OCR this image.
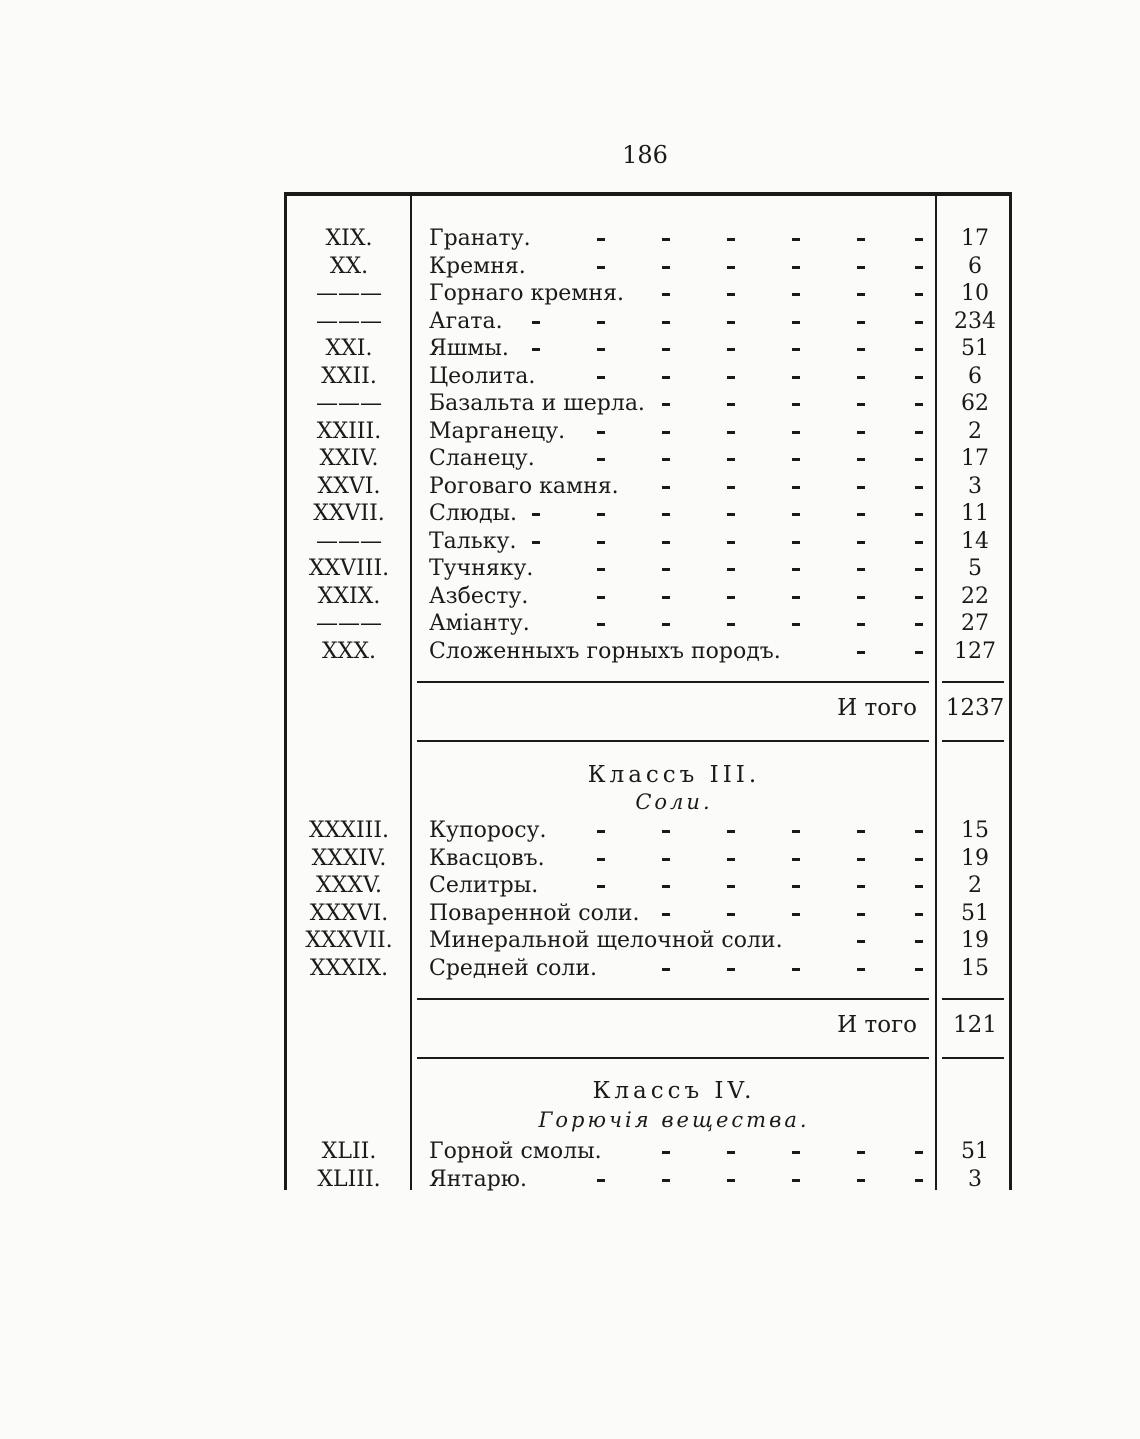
186
XIX.	Гранату.	17
XX.	Кремня.	6
———	Горнаго кремня.	10
———	Агата.	234
XXI.	Яшмы.	51
XXII.	Цеолита.	6
———	Базальта и шерла.	62
XXIII.	Марганецу.	2
XXIV.	Сланецу.	17
XXVI.	Роговаго камня.	3
XXVII.	Слюды.	11
———	Тальку.	14
XXVIII.	Тучняку.	5
XXIX.	Азбесту.	22
———	Аміанту.	27
XXX.	Сложенныхъ горныхъ породъ.	127
И того	1237
Классъ III.
Соли.
XXXIII.	Купоросу.	15
XXXIV.	Квасцовъ.	19
XXXV.	Селитры.	2
XXXVI.	Поваренной соли.	51
XXXVII.	Минеральной щелочной соли.	19
XXXIX.	Средней соли.	15
И того	121
Классъ IV.
Горючія вещества.
XLII.	Горной смолы.	51
XLIII.	Янтарю.	3
